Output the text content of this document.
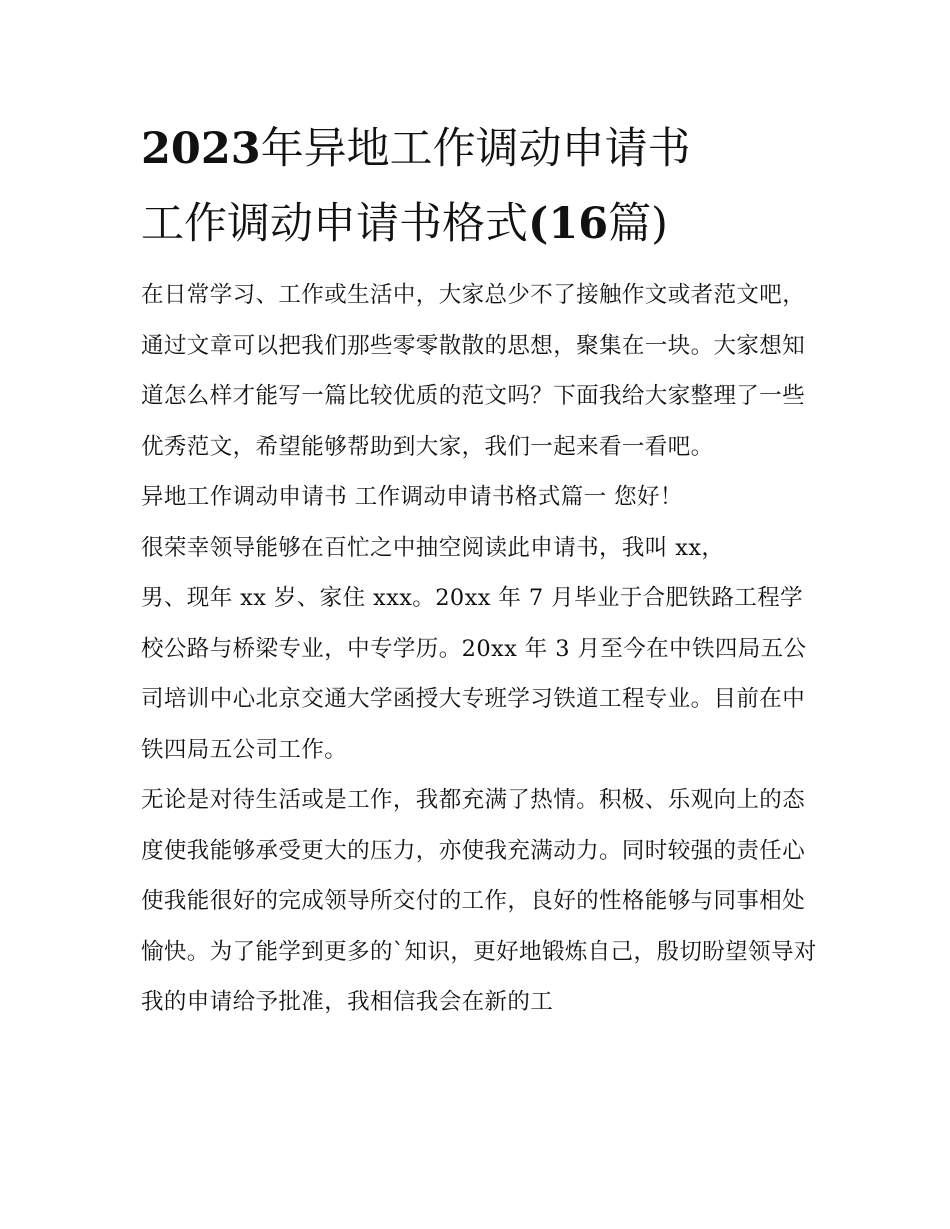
2023年异地工作调动申请书
工作调动申请书格式(16篇)

在日常学习、工作或生活中，大家总少不了接触作文或者范文吧，通过文章可以把我们那些零零散散的思想，聚集在一块。大家想知道怎么样才能写一篇比较优质的范文吗？下面我给大家整理了一些优秀范文，希望能够帮助到大家，我们一起来看一看吧。

异地工作调动申请书 工作调动申请书格式篇一 您好！

很荣幸领导能够在百忙之中抽空阅读此申请书，我叫 xx，

男、现年 xx 岁、家住 xxx。20xx 年 7 月毕业于合肥铁路工程学校公路与桥梁专业，中专学历。20xx 年 3 月至今在中铁四局五公司培训中心北京交通大学函授大专班学习铁道工程专业。目前在中铁四局五公司工作。

无论是对待生活或是工作，我都充满了热情。积极、乐观向上的态度使我能够承受更大的压力，亦使我充满动力。同时较强的责任心使我能很好的完成领导所交付的工作，良好的性格能够与同事相处愉快。为了能学到更多的`知识，更好地锻炼自己，殷切盼望领导对我的申请给予批准，我相信我会在新的工
